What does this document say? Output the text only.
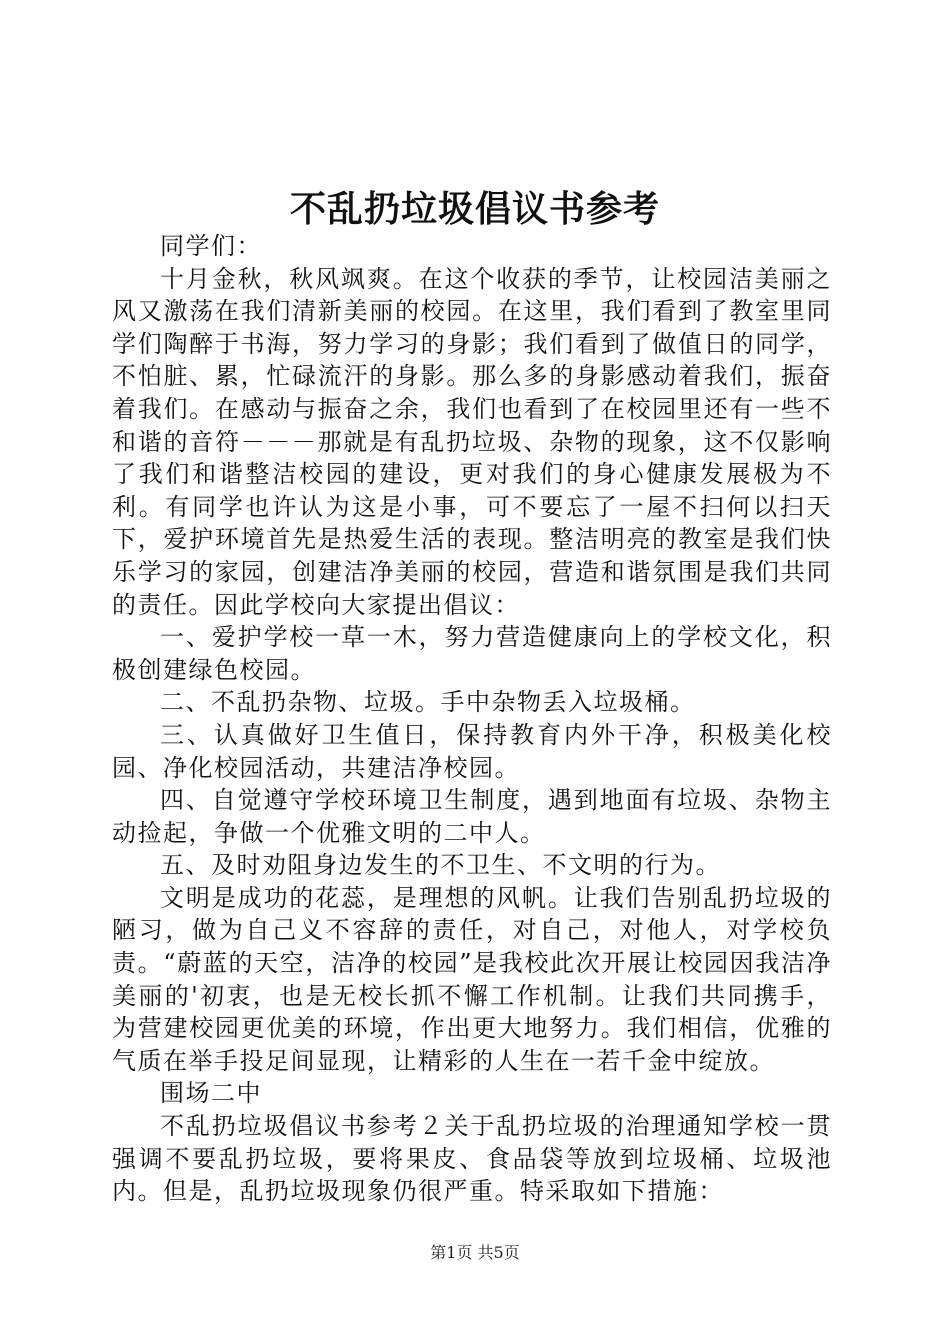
不乱扔垃圾倡议书参考

同学们：

十月金秋，秋风飒爽。在这个收获的季节，让校园洁美丽之风又激荡在我们清新美丽的校园。在这里，我们看到了教室里同学们陶醉于书海，努力学习的身影；我们看到了做值日的同学，不怕脏、累，忙碌流汗的身影。那么多的身影感动着我们，振奋着我们。在感动与振奋之余，我们也看到了在校园里还有一些不和谐的音符－－－那就是有乱扔垃圾、杂物的现象，这不仅影响了我们和谐整洁校园的建设，更对我们的身心健康发展极为不利。有同学也许认为这是小事，可不要忘了一屋不扫何以扫天下，爱护环境首先是热爱生活的表现。整洁明亮的教室是我们快乐学习的家园，创建洁净美丽的校园，营造和谐氛围是我们共同的责任。因此学校向大家提出倡议：

一、爱护学校一草一木，努力营造健康向上的学校文化，积极创建绿色校园。

二、不乱扔杂物、垃圾。手中杂物丢入垃圾桶。

三、认真做好卫生值日，保持教育内外干净，积极美化校园、净化校园活动，共建洁净校园。

四、自觉遵守学校环境卫生制度，遇到地面有垃圾、杂物主动捡起，争做一个优雅文明的二中人。

五、及时劝阻身边发生的不卫生、不文明的行为。

文明是成功的花蕊，是理想的风帆。让我们告别乱扔垃圾的陋习，做为自己义不容辞的责任，对自己，对他人，对学校负责。“蔚蓝的天空，洁净的校园”是我校此次开展让校园因我洁净美丽的'初衷，也是无校长抓不懈工作机制。让我们共同携手，为营建校园更优美的环境，作出更大地努力。我们相信，优雅的气质在举手投足间显现，让精彩的人生在一若千金中绽放。

围场二中

不乱扔垃圾倡议书参考２关于乱扔垃圾的治理通知学校一贯强调不要乱扔垃圾，要将果皮、食品袋等放到垃圾桶、垃圾池内。但是，乱扔垃圾现象仍很严重。特采取如下措施：

第1页 共5页
